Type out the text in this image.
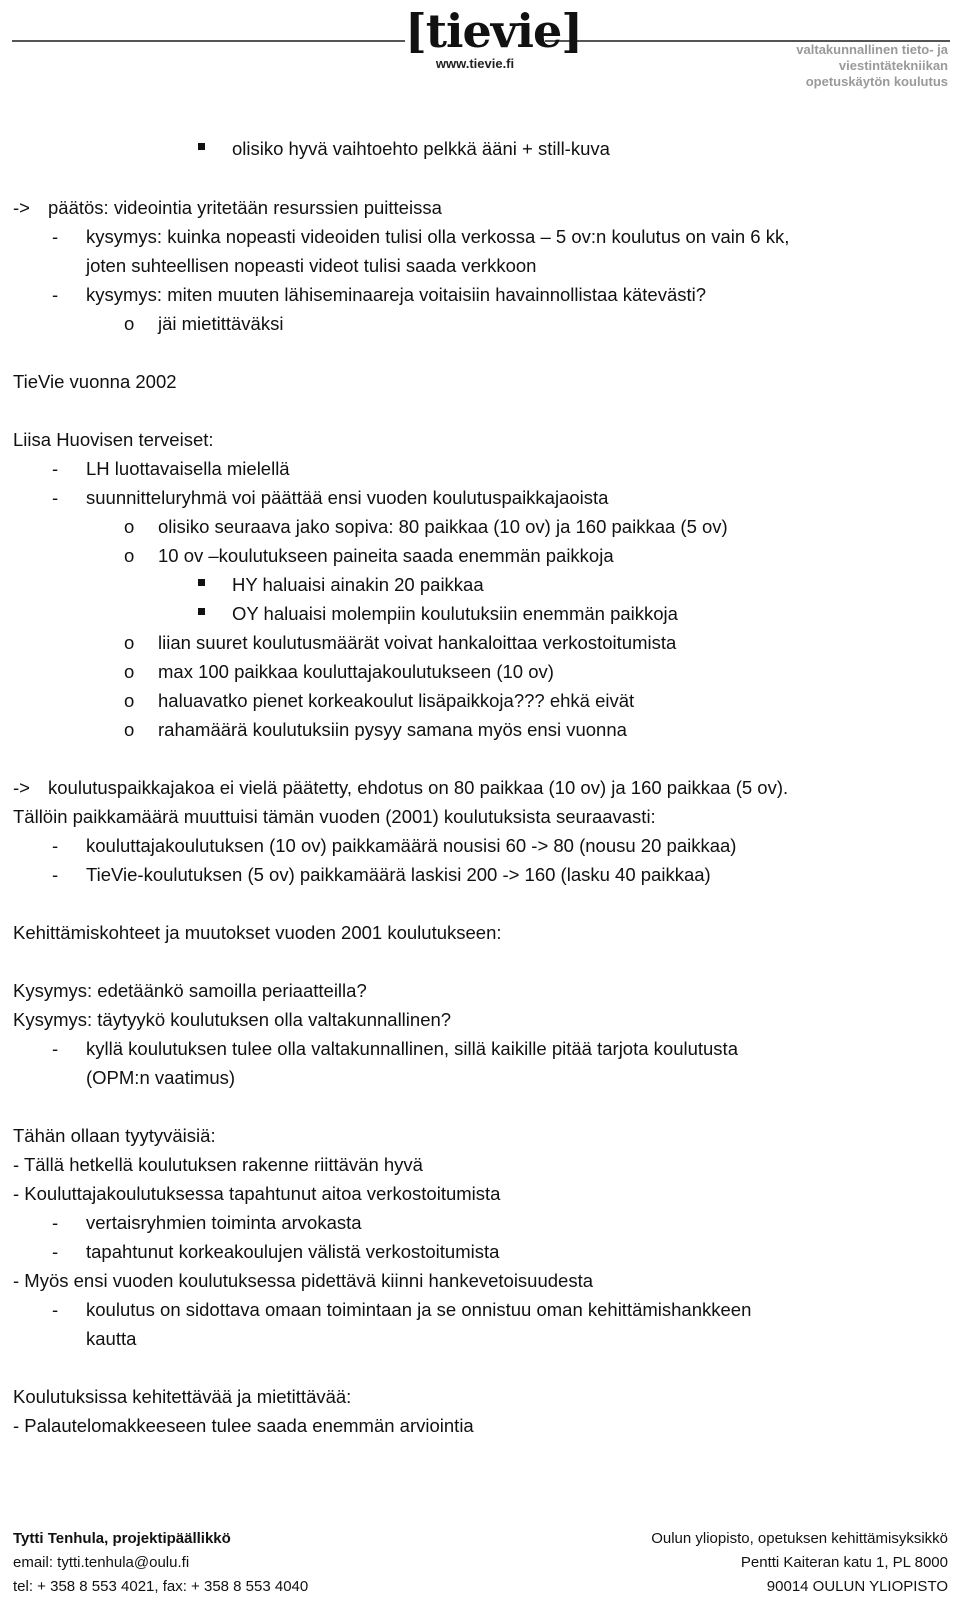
[tievie]
www.tievie.fi
valtakunnallinen tieto- ja
viestintätekniikan
opetuskäytön koulutus
olisiko hyvä vaihtoehto pelkkä ääni + still-kuva
-> päätös: videointia yritetään resurssien puitteissa
- kysymys: kuinka nopeasti videoiden tulisi olla verkossa – 5 ov:n koulutus on vain 6 kk,
joten suhteellisen nopeasti videot tulisi saada verkkoon
- kysymys: miten muuten lähiseminaareja voitaisiin havainnollistaa kätevästi?
o jäi mietittäväksi
TieVie vuonna 2002
Liisa Huovisen terveiset:
- LH luottavaisella mielellä
- suunnitteluryhmä voi päättää ensi vuoden koulutuspaikkajaoista
o olisiko seuraava jako sopiva: 80 paikkaa (10 ov) ja 160 paikkaa (5 ov)
o 10 ov –koulutukseen paineita saada enemmän paikkoja
HY haluaisi ainakin 20 paikkaa
OY haluaisi molempiin koulutuksiin enemmän paikkoja
o liian suuret koulutusmäärät voivat hankaloittaa verkostoitumista
o max 100 paikkaa kouluttajakoulutukseen (10 ov)
o haluavatko pienet korkeakoulut lisäpaikkoja??? ehkä eivät
o rahamäärä koulutuksiin pysyy samana myös ensi vuonna
-> koulutuspaikkajakoa ei vielä päätetty, ehdotus on 80 paikkaa (10 ov) ja 160 paikkaa (5 ov).
Tällöin paikkamäärä muuttuisi tämän vuoden (2001) koulutuksista seuraavasti:
- kouluttajakoulutuksen (10 ov) paikkamäärä nousisi 60 -> 80 (nousu 20 paikkaa)
- TieVie-koulutuksen (5 ov) paikkamäärä laskisi 200 -> 160 (lasku 40 paikkaa)
Kehittämiskohteet ja muutokset vuoden 2001 koulutukseen:
Kysymys: edetäänkö samoilla periaatteilla?
Kysymys: täytyykö koulutuksen olla valtakunnallinen?
- kyllä koulutuksen tulee olla valtakunnallinen, sillä kaikille pitää tarjota koulutusta
(OPM:n vaatimus)
Tähän ollaan tyytyväisiä:
- Tällä hetkellä koulutuksen rakenne riittävän hyvä
- Kouluttajakoulutuksessa tapahtunut aitoa verkostoitumista
- vertaisryhmien toiminta arvokasta
- tapahtunut korkeakoulujen välistä verkostoitumista
- Myös ensi vuoden koulutuksessa pidettävä kiinni hankevetoisuudesta
- koulutus on sidottava omaan toimintaan ja se onnistuu oman kehittämishankkeen
kautta
Koulutuksissa kehitettävää ja mietittävää:
- Palautelomakkeeseen tulee saada enemmän arviointia
Tytti Tenhula, projektipäällikkö
email: tytti.tenhula@oulu.fi
tel: + 358 8 553 4021, fax: + 358 8 553 4040
Oulun yliopisto, opetuksen kehittämisyksikkö
Pentti Kaiteran katu 1, PL 8000
90014 OULUN YLIOPISTO
